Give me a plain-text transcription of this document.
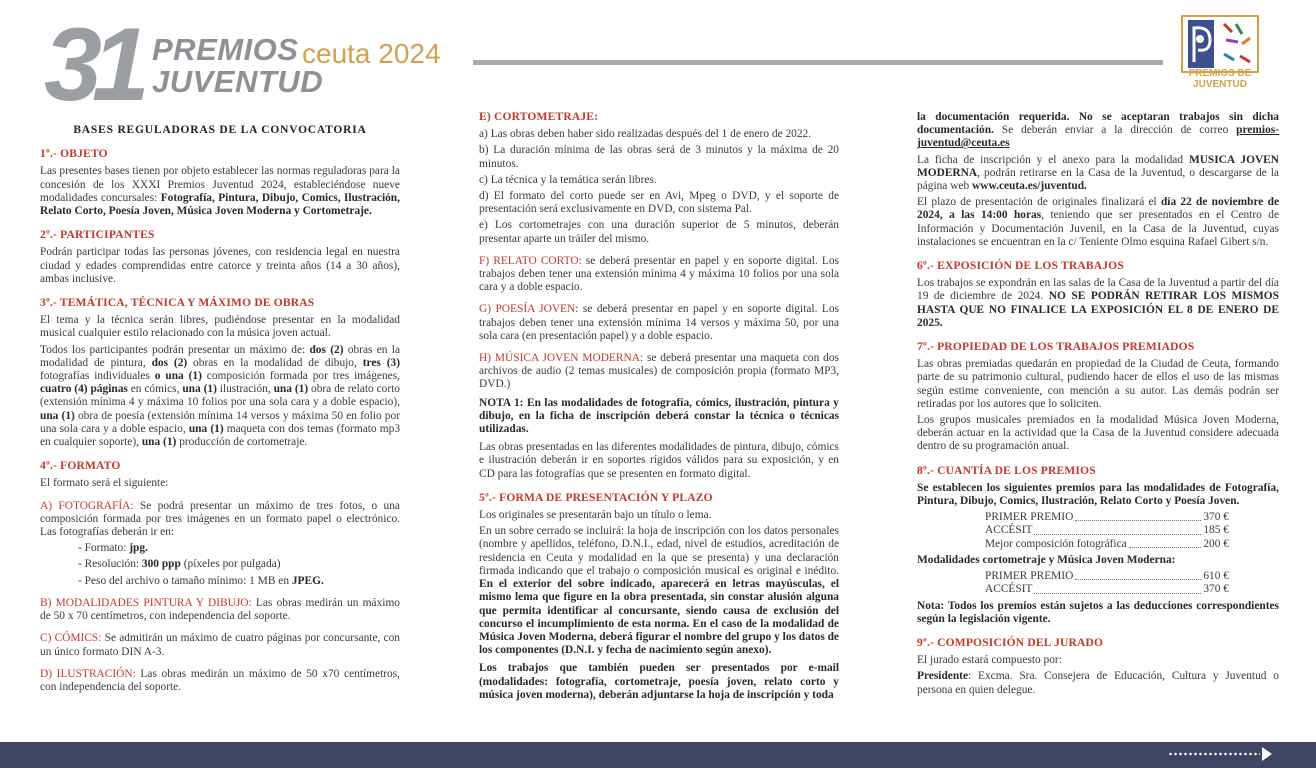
31 PREMIOS
JUVENTUD
ceuta 2024
PREMIOS DE
JUVENTUD
BASES REGULADORAS DE LA CONVOCATORIA
1º.- OBJETO

Las presentes bases tienen por objeto establecer las normas reguladoras para la concesión de los XXXI Premios Juventud 2024, estableciéndose nueve modalidades concursales: Fotografía, Pintura, Dibujo, Comics, Ilustración, Relato Corto, Poesía Joven, Música Joven Moderna y Cortometraje.

2º.- PARTICIPANTES

Podrán participar todas las personas jóvenes, con residencia legal en nuestra ciudad y edades comprendidas entre catorce y treinta años (14 a 30 años), ambas inclusive.

3º.- TEMÁTICA, TÉCNICA Y MÁXIMO DE OBRAS

El tema y la técnica serán libres, pudiéndose presentar en la modalidad musical cualquier estilo relacionado con la música joven actual.

Todos los participantes podrán presentar un máximo de: dos (2) obras en la modalidad de pintura, dos (2) obras en la modalidad de dibujo, tres (3) fotografías individuales o una (1) composición formada por tres imágenes, cuatro (4) páginas en cómics, una (1) ilustración, una (1) obra de relato corto (extensión mínima 4 y máxima 10 folios por una sola cara y a doble espacio), una (1) obra de poesía (extensión mínima 14 versos y máxima 50 en folio por una sola cara y a doble espacio, una (1) maqueta con dos temas (formato mp3 en cualquier soporte), una (1) producción de cortometraje.

4º.- FORMATO

El formato será el siguiente:

A) FOTOGRAFÍA: Se podrá presentar un máximo de tres fotos, o una composición formada por tres imágenes en un formato papel o electrónico. Las fotografías deberán ir en:

- Formato: jpg.

- Resolución: 300 ppp (píxeles por pulgada)

- Peso del archivo o tamaño mínimo: 1 MB en JPEG.

B) MODALIDADES PINTURA Y DIBUJO: Las obras medirán un máximo de 50 x 70 centímetros, con independencia del soporte.

C) CÓMICS: Se admitirán un máximo de cuatro páginas por concursante, con un único formato DIN A-3.

D) ILUSTRACIÓN: Las obras medirán un máximo de 50 x70 centímetros, con independencia del soporte.

E) CORTOMETRAJE:

a) Las obras deben haber sido realizadas después del 1 de enero de 2022.

b) La duración mínima de las obras será de 3 minutos y la máxima de 20 minutos.

c) La técnica y la temática serán libres.

d) El formato del corto puede ser en Avi, Mpeg o DVD, y el soporte de presentación será exclusivamente en DVD, con sistema Pal.

e) Los cortometrajes con una duración superior de 5 minutos, deberán presentar aparte un tráiler del mismo.

F) RELATO CORTO: se deberá presentar en papel y en soporte digital. Los trabajos deben tener una extensión mínima 4 y máxima 10 folios por una sola cara y a doble espacio.

G) POESÍA JOVEN: se deberá presentar en papel y en soporte digital. Los trabajos deben tener una extensión mínima 14 versos y máxima 50, por una sola cara (en presentación papel) y a doble espacio.

H) MÚSICA JOVEN MODERNA: se deberá presentar una maqueta con dos archivos de audio (2 temas musicales) de composición propia (formato MP3, DVD.)

NOTA 1: En las modalidades de fotografía, cómics, ilustración, pintura y dibujo, en la ficha de inscripción deberá constar la técnica o técnicas utilizadas.

Las obras presentadas en las diferentes modalidades de pintura, dibujo, cómics e ilustración deberán ir en soportes rígidos válidos para su exposición, y en CD para las fotografías que se presenten en formato digital.

5º.- FORMA DE PRESENTACIÓN Y PLAZO

Los originales se presentarán bajo un título o lema.

En un sobre cerrado se incluirá: la hoja de inscripción con los datos personales (nombre y apellidos, teléfono, D.N.I., edad, nivel de estudios, acreditación de residencia en Ceuta y modalidad en la que se presenta) y una declaración firmada indicando que el trabajo o composición musical es original e inédito. En el exterior del sobre indicado, aparecerá en letras mayúsculas, el mismo lema que figure en la obra presentada, sin constar alusión alguna que permita identificar al concursante, siendo causa de exclusión del concurso el incumplimiento de esta norma. En el caso de la modalidad de Música Joven Moderna, deberá figurar el nombre del grupo y los datos de los componentes (D.N.I. y fecha de nacimiento según anexo).

Los trabajos que también pueden ser presentados por e-mail (modalidades: fotografía, cortometraje, poesía joven, relato corto y música joven moderna), deberán adjuntarse la hoja de inscripción y toda

la documentación requerida. No se aceptaran trabajos sin dicha documentación. Se deberán enviar a la dirección de correo premios-juventud@ceuta.es

La ficha de inscripción y el anexo para la modalidad MUSICA JOVEN MODERNA, podrán retirarse en la Casa de la Juventud, o descargarse de la página web www.ceuta.es/juventud.

El plazo de presentación de originales finalizará el día 22 de noviembre de 2024, a las 14:00 horas, teniendo que ser presentados en el Centro de Información y Documentación Juvenil, en la Casa de la Juventud, cuyas instalaciones se encuentran en la c/ Teniente Olmo esquina Rafael Gibert s/n.

6º.- EXPOSICIÓN DE LOS TRABAJOS

Los trabajos se expondrán en las salas de la Casa de la Juventud a partir del día 19 de diciembre de 2024. NO SE PODRÁN RETIRAR LOS MISMOS HASTA QUE NO FINALICE LA EXPOSICIÓN EL 8 DE ENERO DE 2025.

7º.- PROPIEDAD DE LOS TRABAJOS PREMIADOS

Las obras premiadas quedarán en propiedad de la Ciudad de Ceuta, formando parte de su patrimonio cultural, pudiendo hacer de ellos el uso de las mismas según estime conveniente, con mención a su autor. Las demás podrán ser retiradas por los autores que lo soliciten.

Los grupos musicales premiados en la modalidad Música Joven Moderna, deberán actuar en la actividad que la Casa de la Juventud considere adecuada dentro de su programación anual.

8º.- CUANTÍA DE LOS PREMIOS

Se establecen los siguientes premios para las modalidades de Fotografía, Pintura, Dibujo, Comics, Ilustración, Relato Corto y Poesía Joven.

PRIMER PREMIO	370 €
ACCÉSIT	185 €
Mejor composición fotográfica	200 €

Modalidades cortometraje y Música Joven Moderna:

PRIMER PREMIO	610 €
ACCÉSIT	370 €

Nota: Todos los premios están sujetos a las deducciones correspondientes según la legislación vigente.

9º.- COMPOSICIÓN DEL JURADO

El jurado estará compuesto por:

Presidente: Excma. Sra. Consejera de Educación, Cultura y Juventud o persona en quien delegue.
